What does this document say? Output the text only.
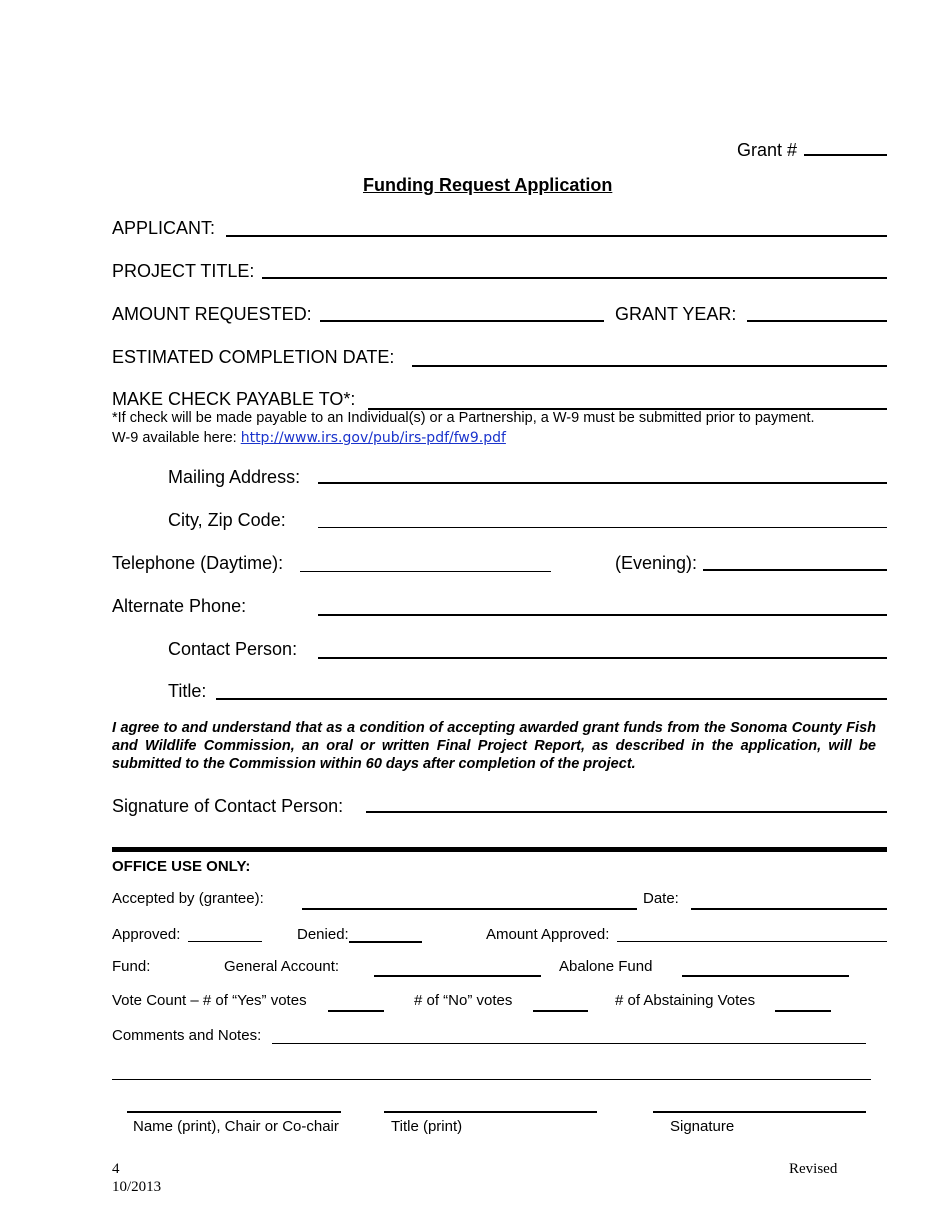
Grant #
Funding Request Application
APPLICANT:
PROJECT TITLE:
AMOUNT REQUESTED:	GRANT YEAR:
ESTIMATED COMPLETION DATE:
MAKE CHECK PAYABLE TO*:
*If check will be made payable to an Individual(s) or a Partnership, a W-9 must be submitted prior to payment.
W-9 available here: http://www.irs.gov/pub/irs-pdf/fw9.pdf
Mailing Address:
City, Zip Code:
Telephone (Daytime):	(Evening):
Alternate Phone:
Contact Person:
Title:
I agree to and understand that as a condition of accepting awarded grant funds from the Sonoma County Fish and Wildlife Commission, an oral or written Final Project Report, as described in the application, will be submitted to the Commission within 60 days after completion of the project.
Signature of Contact Person:
OFFICE USE ONLY:
Accepted by (grantee):	Date:
Approved:	Denied:	Amount Approved:
Fund:	General Account:	Abalone Fund
Vote Count – # of “Yes” votes	# of “No” votes	# of Abstaining Votes
Comments and Notes:
Name (print), Chair or Co-chair	Title (print)	Signature
4
10/2013
Revised
